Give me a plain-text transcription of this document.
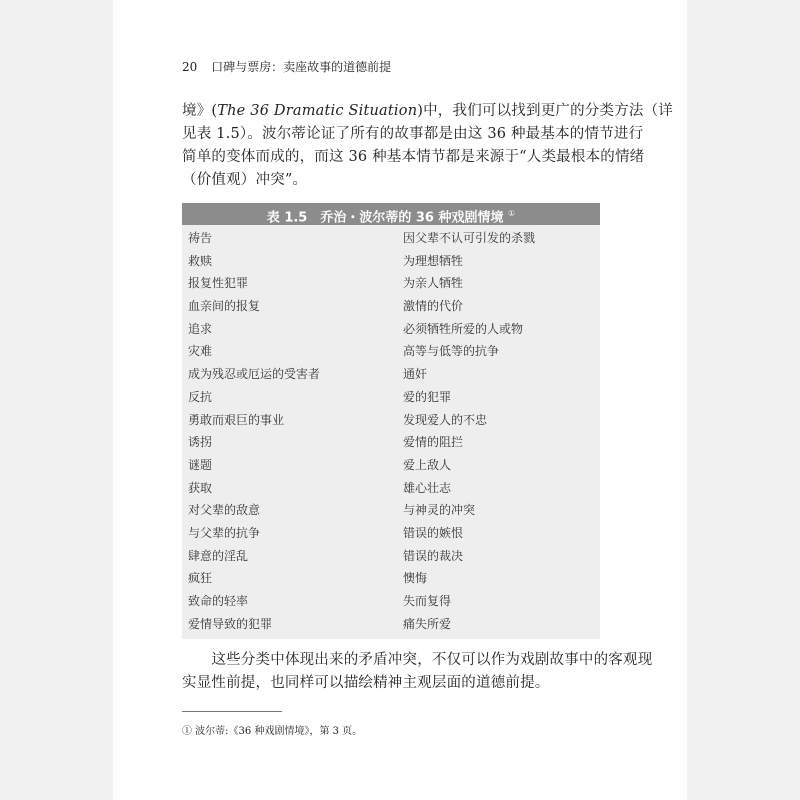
20 口碑与票房：卖座故事的道德前提

境》(The 36 Dramatic Situation)中，我们可以找到更广的分类方法（详

见表 1.5）。波尔蒂论证了所有的故事都是由这 36 种最基本的情节进行

简单的变体而成的，而这 36 种基本情节都是来源于“人类最根本的情绪

（价值观）冲突”。

表 1.5　乔治・波尔蒂的 36 种戏剧情境 ①
祷告	因父辈不认可引发的杀戮
救赎	为理想牺牲
报复性犯罪	为亲人牺牲
血亲间的报复	激情的代价
追求	必须牺牲所爱的人或物
灾难	高等与低等的抗争
成为残忍或厄运的受害者	通奸
反抗	爱的犯罪
勇敢而艰巨的事业	发现爱人的不忠
诱拐	爱情的阻拦
谜题	爱上敌人
获取	雄心壮志
对父辈的敌意	与神灵的冲突
与父辈的抗争	错误的嫉恨
肆意的淫乱	错误的裁决
疯狂	懊悔
致命的轻率	失而复得
爱情导致的犯罪	痛失所爱

　　这些分类中体现出来的矛盾冲突，不仅可以作为戏剧故事中的客观现

实显性前提，也同样可以描绘精神主观层面的道德前提。

① 波尔蒂:《36 种戏剧情境》，第 3 页。
